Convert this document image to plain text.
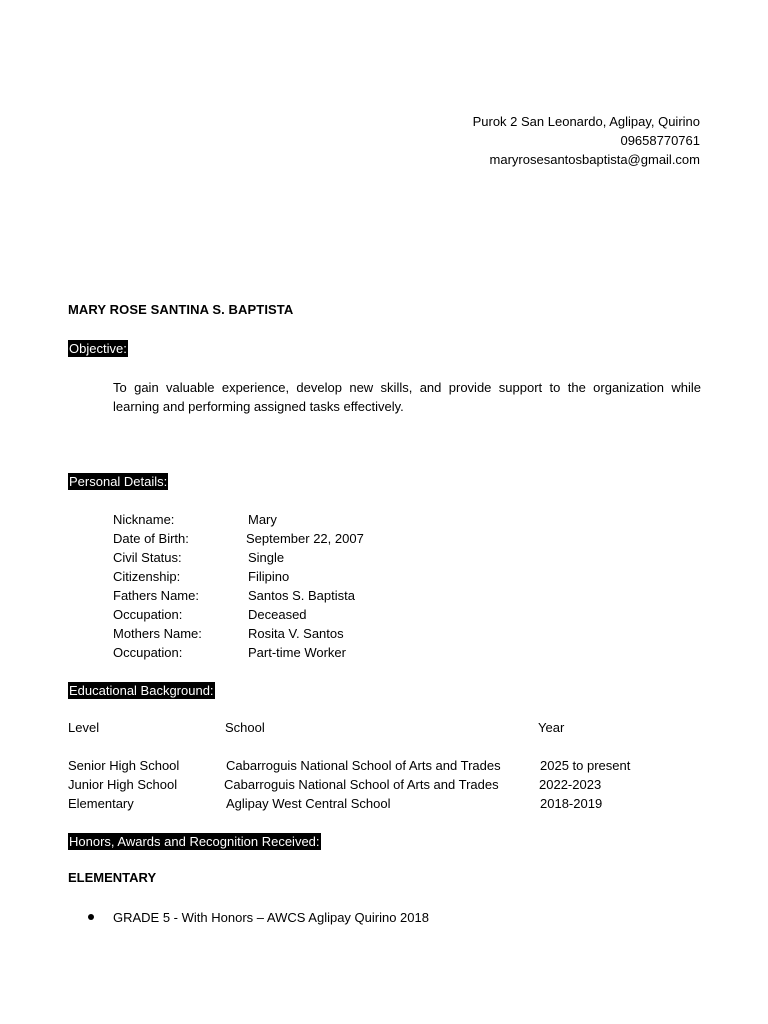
Purok 2 San Leonardo, Aglipay, Quirino
09658770761
maryrosesantosbaptista@gmail.com
MARY ROSE SANTINA S. BAPTISTA
Objective:
To gain valuable experience, develop new skills, and provide support to the organization while learning and performing assigned tasks effectively.
Personal Details:
Nickname:	Mary
Date of Birth:	September 22, 2007
Civil Status:	Single
Citizenship:	Filipino
Fathers Name:	Santos S. Baptista
Occupation:	Deceased
Mothers Name:	Rosita V. Santos
Occupation:	Part-time Worker
Educational Background:
Level	School	Year
Senior High School	Cabarroguis National School of Arts and Trades	2025 to present
Junior High School	Cabarroguis National School of Arts and Trades	2022-2023
Elementary	Aglipay West Central School	2018-2019
Honors, Awards and Recognition Received:
ELEMENTARY
GRADE 5 - With Honors – AWCS Aglipay Quirino 2018
